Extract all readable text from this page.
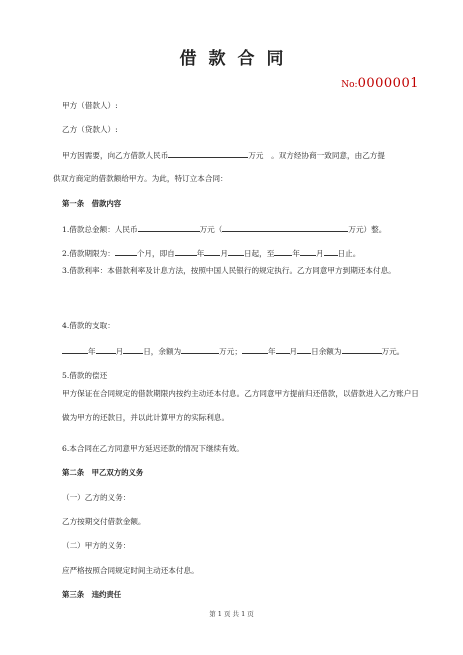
借款合同
No:0000001
甲方（借款人）:
乙方（贷款人）:
甲方因需要，向乙方借款人民币	万元　。双方经协商一致同意，由乙方提
供双方商定的借款额给甲方。为此，特订立本合同：
第一条　借款内容
1.借款总金额：人民币	万元（	万元）整。
2.借款期限为：	个月，即自	年 月 日起，至 年 月 日止。
3.借款利率：本借款利率及计息方法，按照中国人民银行的规定执行。乙方同意甲方到期还本付息。
4.借款的支取：
年	月	日，余额为	万元；	年 月 日余额为	万元。
5.借款的偿还
甲方保证在合同规定的借款期限内按约主动还本付息。乙方同意甲方提前归还借款，以借款进入乙方账户日做为甲方的还款日，并以此计算甲方的实际利息。
6.本合同在乙方同意甲方延迟还款的情况下继续有效。
第二条　甲乙双方的义务
（一）乙方的义务：
乙方按期交付借款金额。
（二）甲方的义务：
应严格按照合同规定时间主动还本付息。
第三条　违约责任
第 1 页 共 1 页
